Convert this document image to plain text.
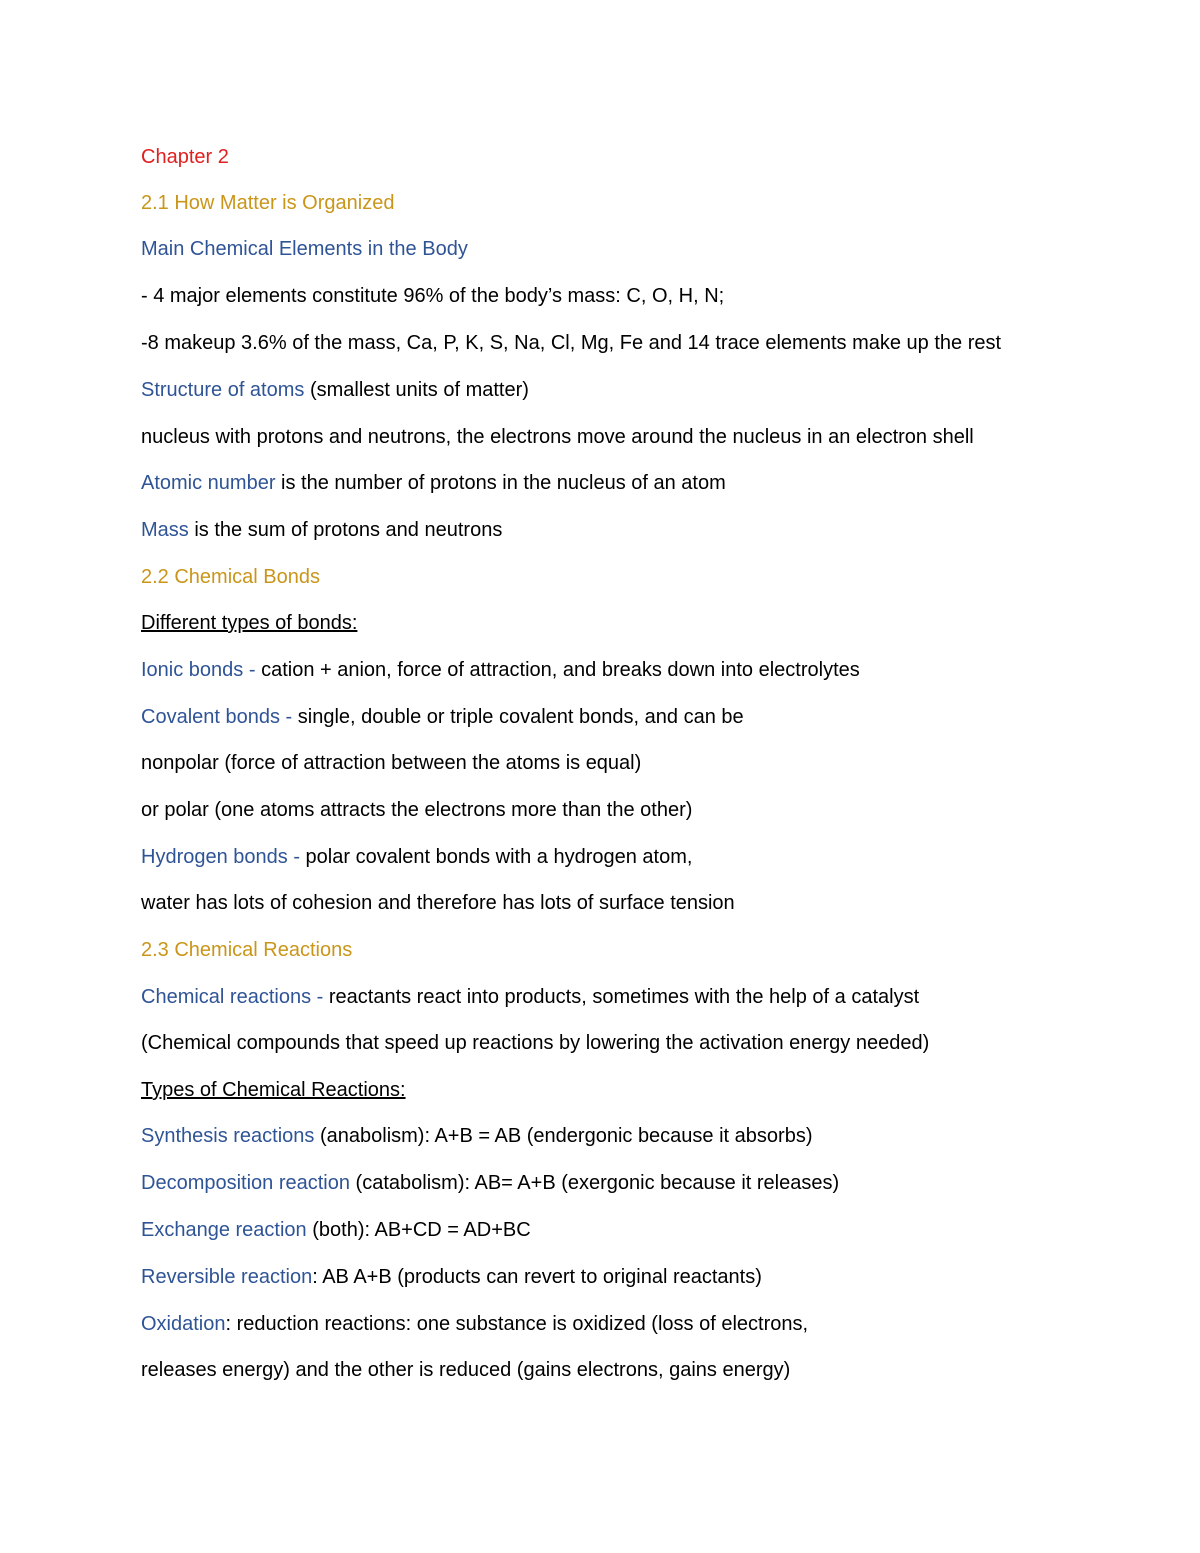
Chapter 2
2.1 How Matter is Organized
Main Chemical Elements in the Body
- 4 major elements constitute 96% of the body’s mass: C, O, H, N;
-8 makeup 3.6% of the mass, Ca, P, K, S, Na, Cl, Mg, Fe and 14 trace elements make up the rest
Structure of atoms (smallest units of matter)
nucleus with protons and neutrons, the electrons move around the nucleus in an electron shell
Atomic number is the number of protons in the nucleus of an atom
Mass is the sum of protons and neutrons
2.2 Chemical Bonds
Different types of bonds:
Ionic bonds - cation + anion, force of attraction, and breaks down into electrolytes
Covalent bonds - single, double or triple covalent bonds, and can be
nonpolar (force of attraction between the atoms is equal)
or polar (one atoms attracts the electrons more than the other)
Hydrogen bonds - polar covalent bonds with a hydrogen atom,
water has lots of cohesion and therefore has lots of surface tension
2.3 Chemical Reactions
Chemical reactions - reactants react into products, sometimes with the help of a catalyst
(Chemical compounds that speed up reactions by lowering the activation energy needed)
Types of Chemical Reactions:
Synthesis reactions (anabolism): A+B = AB (endergonic because it absorbs)
Decomposition reaction (catabolism): AB= A+B (exergonic because it releases)
Exchange reaction (both): AB+CD = AD+BC
Reversible reaction: AB A+B (products can revert to original reactants)
Oxidation: reduction reactions: one substance is oxidized (loss of electrons,
releases energy) and the other is reduced (gains electrons, gains energy)
